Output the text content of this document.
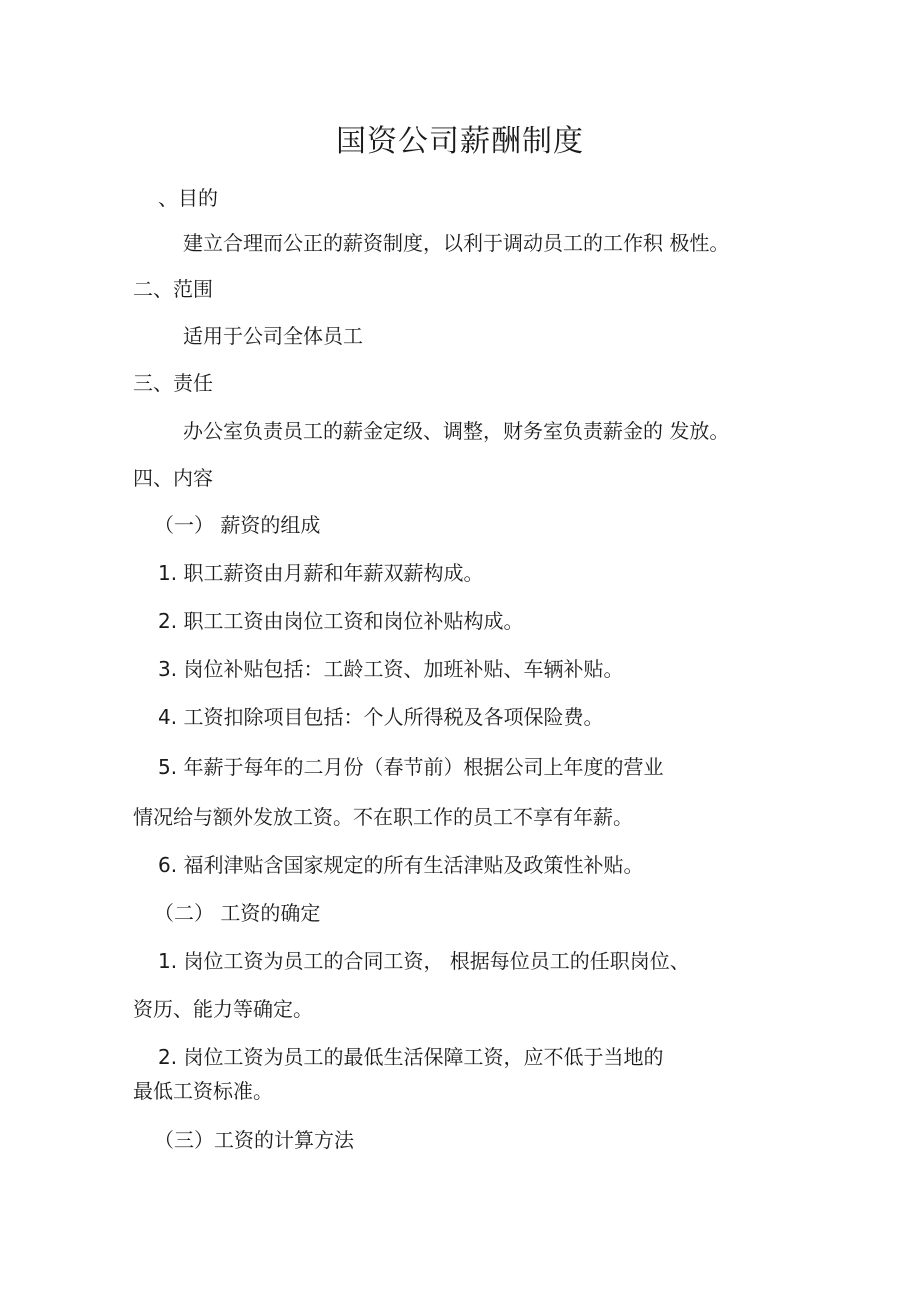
国资公司薪酬制度
、目的
建立合理而公正的薪资制度，以利于调动员工的工作积 极性。
二、范围
适用于公司全体员工
三、责任
办公室负责员工的薪金定级、调整，财务室负责薪金的 发放。
四、内容
（一） 薪资的组成
1. 职工薪资由月薪和年薪双薪构成。
2. 职工工资由岗位工资和岗位补贴构成。
3. 岗位补贴包括：工龄工资、加班补贴、车辆补贴。
4. 工资扣除项目包括：个人所得税及各项保险费。
5. 年薪于每年的二月份（春节前）根据公司上年度的营业
情况给与额外发放工资。不在职工作的员工不享有年薪。
6. 福利津贴含国家规定的所有生活津贴及政策性补贴。
（二） 工资的确定
1. 岗位工资为员工的合同工资， 根据每位员工的任职岗位、
资历、能力等确定。
2. 岗位工资为员工的最低生活保障工资，应不低于当地的
最低工资标准。
（三）工资的计算方法
